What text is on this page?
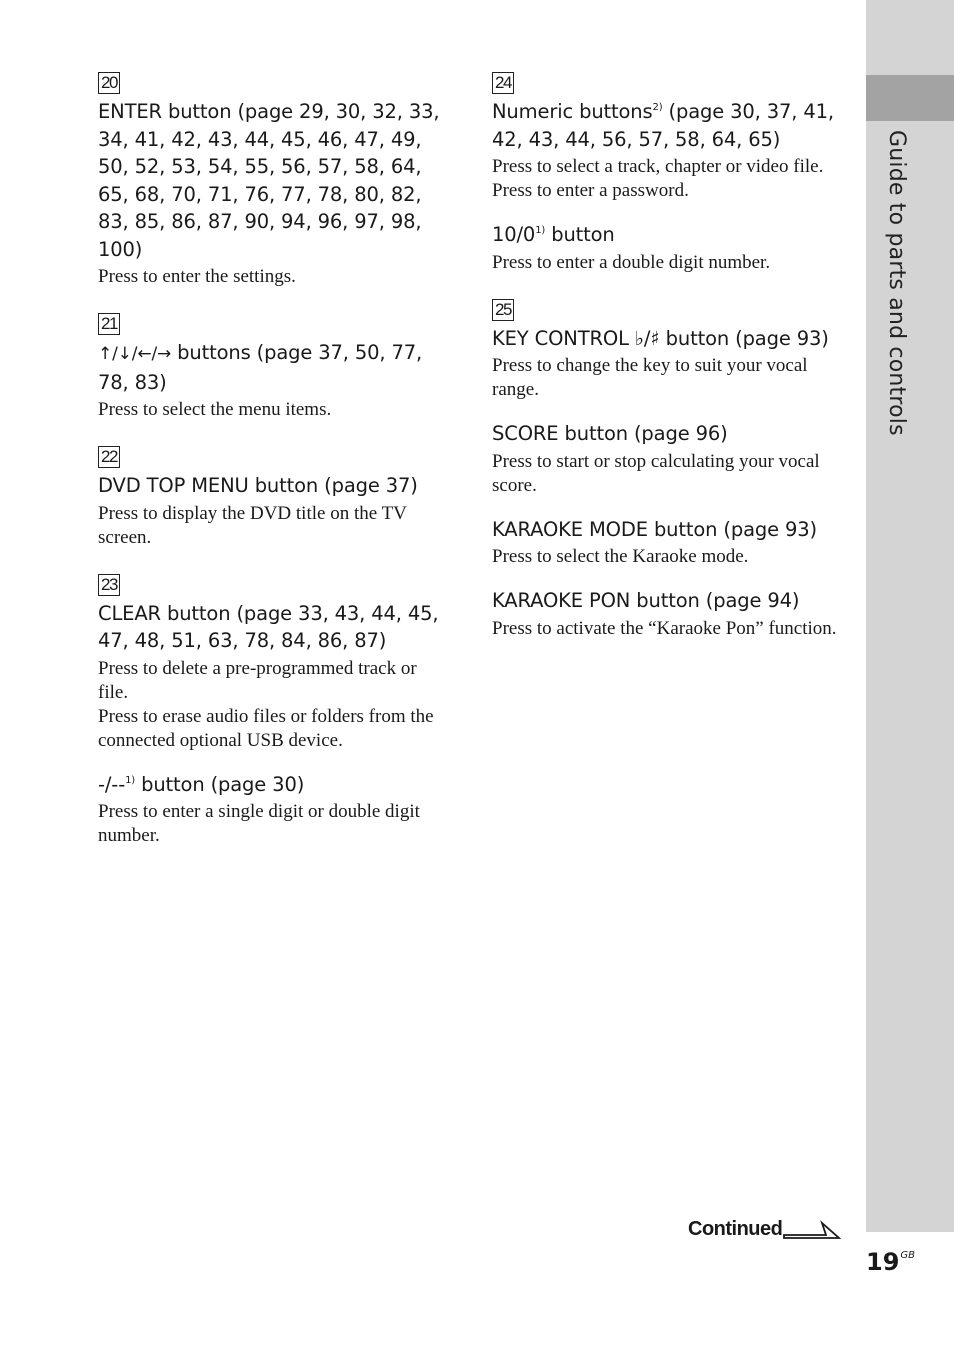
Guide to parts and controls
20

ENTER button (page 29, 30, 32, 33, 34, 41, 42, 43, 44, 45, 46, 47, 49, 50, 52, 53, 54, 55, 56, 57, 58, 64, 65, 68, 70, 71, 76, 77, 78, 80, 82, 83, 85, 86, 87, 90, 94, 96, 97, 98, 100)

Press to enter the settings.

21

↑/↓/←/→ buttons (page 37, 50, 77, 78, 83)

Press to select the menu items.

22

DVD TOP MENU button (page 37)

Press to display the DVD title on the TV screen.

23

CLEAR button (page 33, 43, 44, 45, 47, 48, 51, 63, 78, 84, 86, 87)

Press to delete a pre-programmed track or file.
Press to erase audio files or folders from the connected optional USB device.

-/--$^{1)}$ button (page 30)

Press to enter a single digit or double digit number.

24

Numeric buttons$^{2)}$ (page 30, 37, 41, 42, 43, 44, 56, 57, 58, 64, 65)

Press to select a track, chapter or video file.
Press to enter a password.

10/0$^{1)}$ button

Press to enter a double digit number.

25

KEY CONTROL ♭/♯ button (page 93)

Press to change the key to suit your vocal range.

SCORE button (page 96)

Press to start or stop calculating your vocal score.

KARAOKE MODE button (page 93)

Press to select the Karaoke mode.

KARAOKE PON button (page 94)

Press to activate the “Karaoke Pon” function.

Continued
$19^{GB}$
